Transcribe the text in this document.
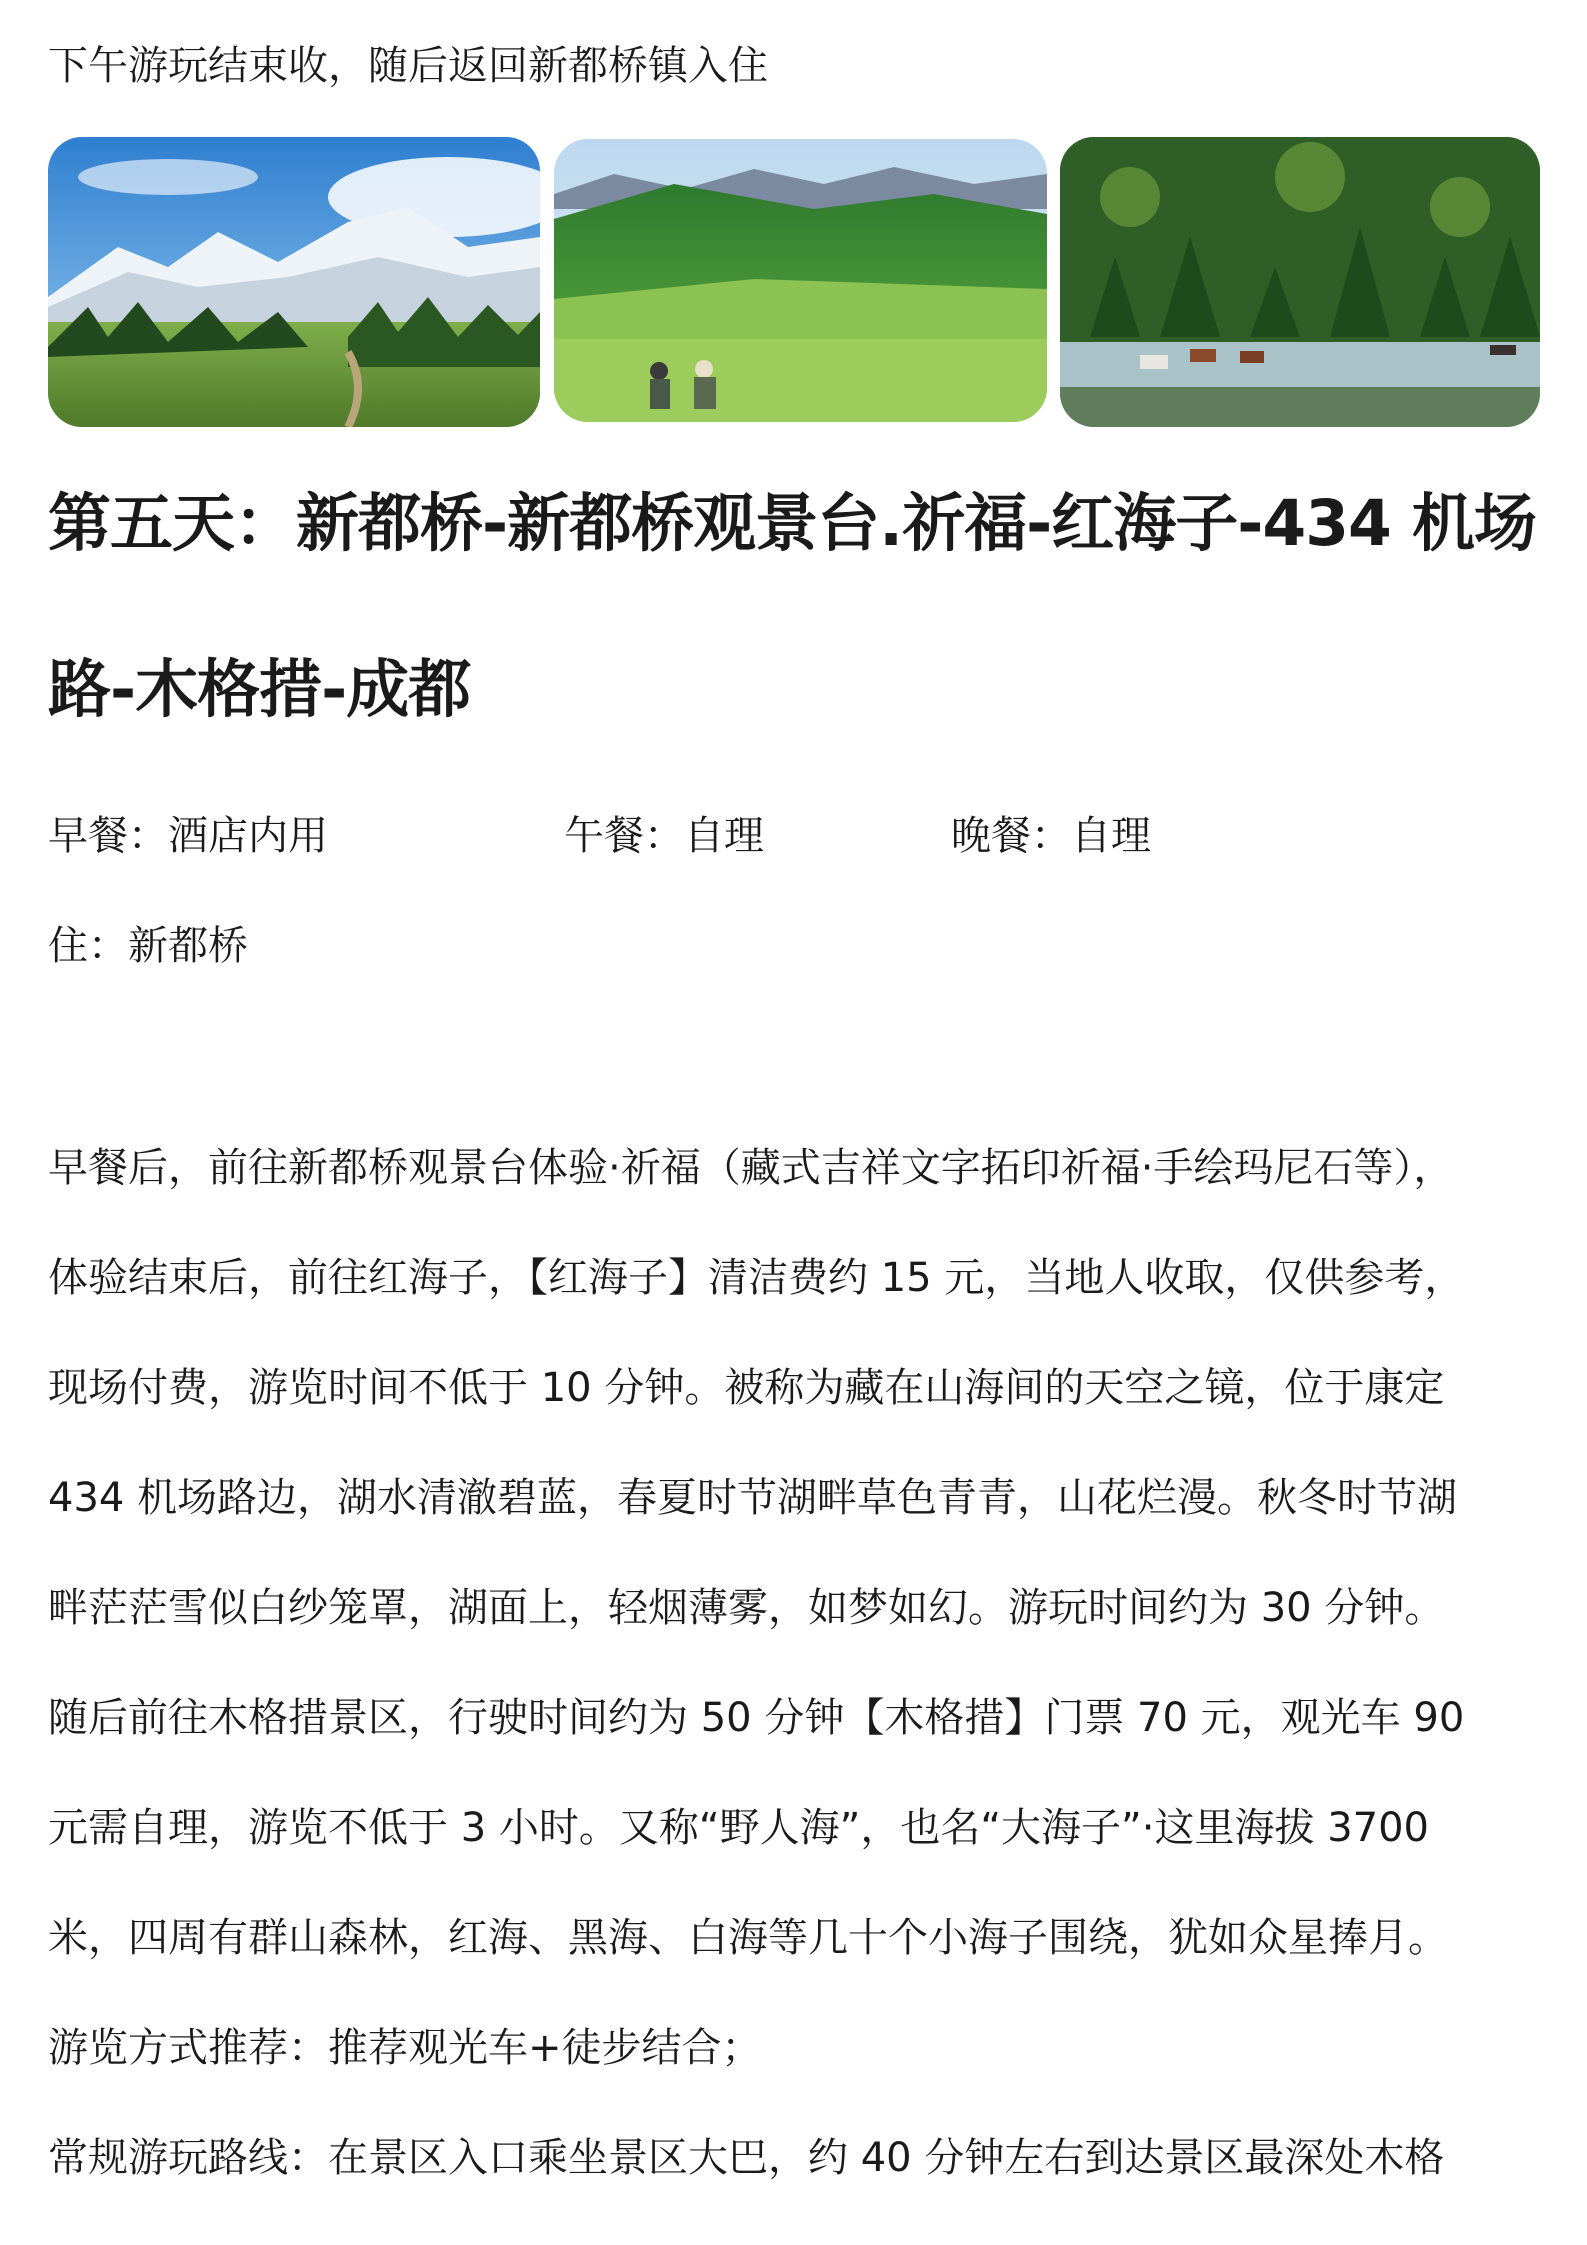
下午游玩结束收，随后返回新都桥镇入住
第五天：新都桥-新都桥观景台.祈福-红海子-434 机场
路-木格措-成都
早餐：酒店内用	午餐：自理	晚餐：自理
住：新都桥
早餐后，前往新都桥观景台体验·祈福（藏式吉祥文字拓印祈福·手绘玛尼石等），
体验结束后，前往红海子，【红海子】清洁费约 15 元，当地人收取，仅供参考，
现场付费，游览时间不低于 10 分钟。被称为藏在山海间的天空之镜，位于康定
434 机场路边，湖水清澈碧蓝，春夏时节湖畔草色青青，山花烂漫。秋冬时节湖
畔茫茫雪似白纱笼罩，湖面上，轻烟薄雾，如梦如幻。游玩时间约为 30 分钟。
随后前往木格措景区，行驶时间约为 50 分钟【木格措】门票 70 元，观光车 90
元需自理，游览不低于 3 小时。又称“野人海”，也名“大海子”·这里海拔 3700
米，四周有群山森林，红海、黑海、白海等几十个小海子围绕，犹如众星捧月。
游览方式推荐：推荐观光车+徒步结合；
常规游玩路线：在景区入口乘坐景区大巴，约 40 分钟左右到达景区最深处木格
